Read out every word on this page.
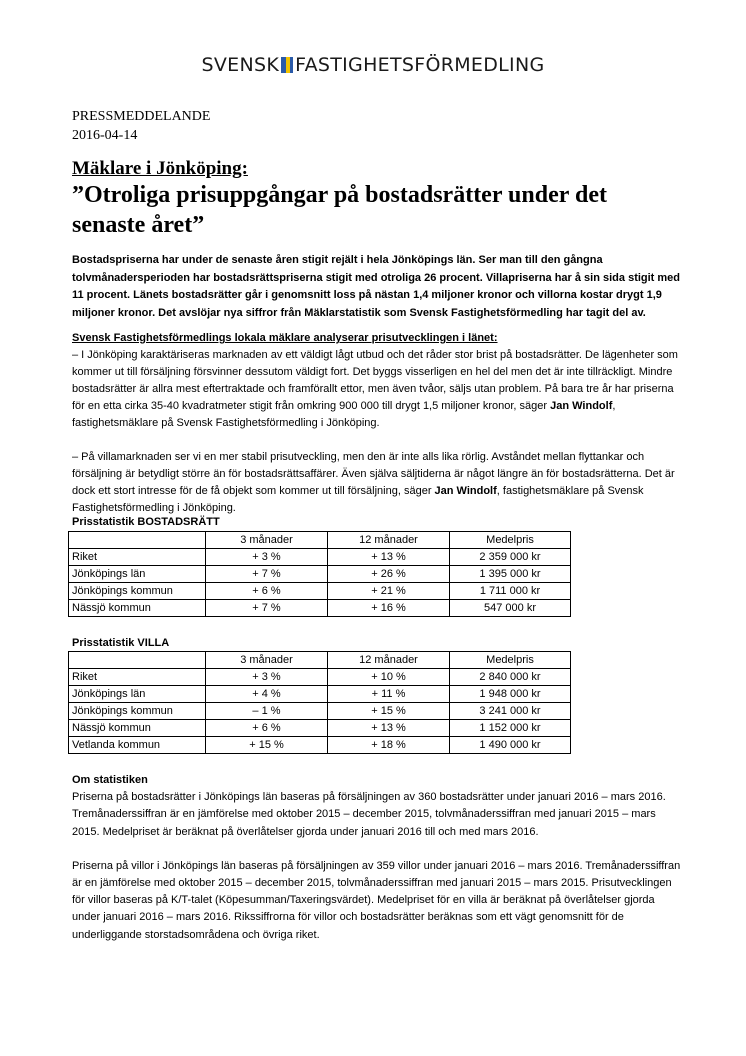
SVENSK FASTIGHETSFÖRMEDLING
PRESSMEDDELANDE
2016-04-14
Mäklare i Jönköping:
”Otroliga prisuppgångar på bostadsrätter under det senaste året”
Bostadspriserna har under de senaste åren stigit rejält i hela Jönköpings län. Ser man till den gångna tolvmånadersperioden har bostadsrättspriserna stigit med otroliga 26 procent. Villapriserna har å sin sida stigit med 11 procent. Länets bostadsrätter går i genomsnitt loss på nästan 1,4 miljoner kronor och villorna kostar drygt 1,9 miljoner kronor. Det avslöjar nya siffror från Mäklarstatistik som Svensk Fastighetsförmedling har tagit del av.
Svensk Fastighetsförmedlings lokala mäklare analyserar prisutvecklingen i länet:
– I Jönköping karaktäriseras marknaden av ett väldigt lågt utbud och det råder stor brist på bostadsrätter. De lägenheter som kommer ut till försäljning försvinner dessutom väldigt fort. Det byggs visserligen en hel del men det är inte tillräckligt. Mindre bostadsrätter är allra mest eftertraktade och framförallt ettor, men även tvåor, säljs utan problem. På bara tre år har priserna för en etta cirka 35-40 kvadratmeter stigit från omkring 900 000 till drygt 1,5 miljoner kronor, säger Jan Windolf, fastighetsmäklare på Svensk Fastighetsförmedling i Jönköping.
– På villamarknaden ser vi en mer stabil prisutveckling, men den är inte alls lika rörlig. Avståndet mellan flyttankar och försäljning är betydligt större än för bostadsrättsaffärer. Även själva säljtiderna är något längre än för bostadsrätterna. Det är dock ett stort intresse för de få objekt som kommer ut till försäljning, säger Jan Windolf, fastighetsmäklare på Svensk Fastighetsförmedling i Jönköping.
Prisstatistik BOSTADSRÄTT
	3 månader	12 månader	Medelpris
Riket	+ 3 %	+ 13 %	2 359 000 kr
Jönköpings län	+ 7 %	+ 26 %	1 395 000 kr
Jönköpings kommun	+ 6 %	+ 21 %	1 711 000 kr
Nässjö kommun	+ 7 %	+ 16 %	547 000 kr
Prisstatistik VILLA
	3 månader	12 månader	Medelpris
Riket	+ 3 %	+ 10 %	2 840 000 kr
Jönköpings län	+ 4 %	+ 11 %	1 948 000 kr
Jönköpings kommun	– 1 %	+ 15 %	3 241 000 kr
Nässjö kommun	+ 6 %	+ 13 %	1 152 000 kr
Vetlanda kommun	+ 15 %	+ 18 %	1 490 000 kr
Om statistiken
Priserna på bostadsrätter i Jönköpings län baseras på försäljningen av 360 bostadsrätter under januari 2016 – mars 2016. Tremånaderssiffran är en jämförelse med oktober 2015 – december 2015, tolvmånaderssiffran med januari 2015 – mars 2015. Medelpriset är beräknat på överlåtelser gjorda under januari 2016 till och med mars 2016.
Priserna på villor i Jönköpings län baseras på försäljningen av 359 villor under januari 2016 – mars 2016. Tremånaderssiffran är en jämförelse med oktober 2015 – december 2015, tolvmånaderssiffran med januari 2015 – mars 2015. Prisutvecklingen för villor baseras på K/T-talet (Köpesumman/Taxeringsvärdet). Medelpriset för en villa är beräknat på överlåtelser gjorda under januari 2016 – mars 2016. Rikssiffrorna för villor och bostadsrätter beräknas som ett vägt genomsnitt för de underliggande storstadsområdena och övriga riket.
